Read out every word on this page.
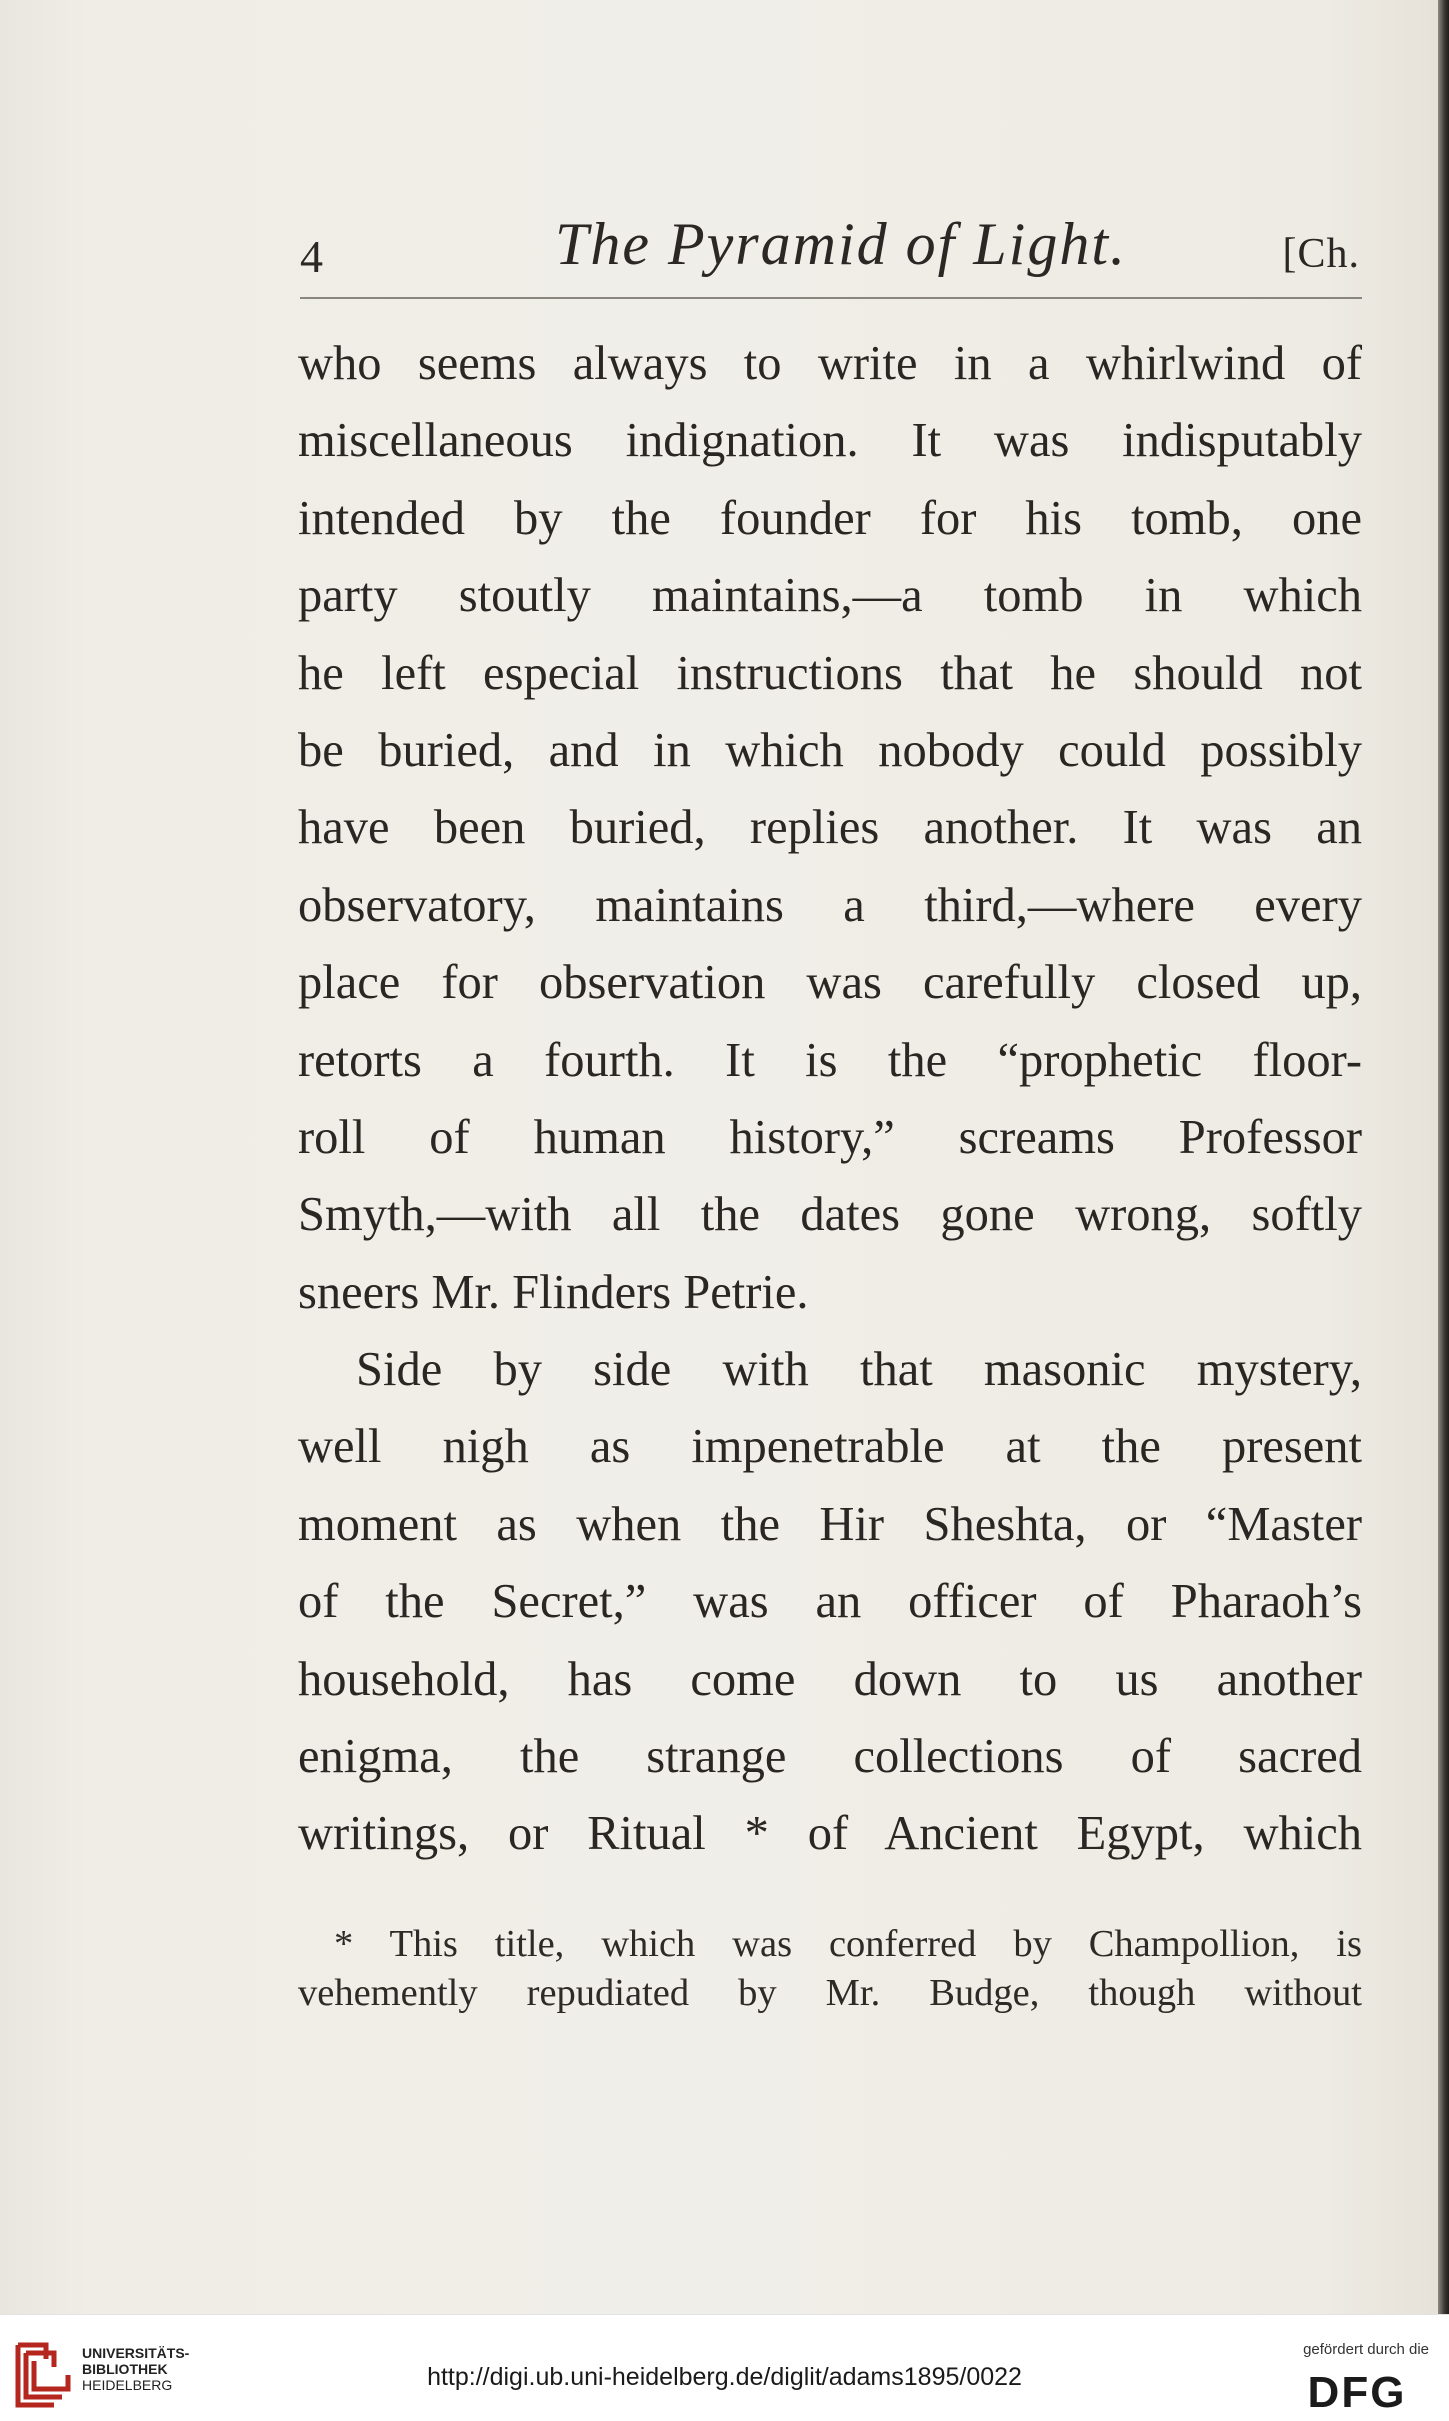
4	The Pyramid of Light.	[Ch.
who seems always to write in a whirlwind of
miscellaneous indignation. It was indisputably
intended by the founder for his tomb, one
party stoutly maintains,—a tomb in which
he left especial instructions that he should not
be buried, and in which nobody could possibly
have been buried, replies another. It was an
observatory, maintains a third,—where every
place for observation was carefully closed up,
retorts a fourth. It is the “prophetic floor-
roll of human history,” screams Professor
Smyth,—with all the dates gone wrong, softly
sneers Mr. Flinders Petrie.
Side by side with that masonic mystery,
well nigh as impenetrable at the present
moment as when the Hir Sheshta, or “Master
of the Secret,” was an officer of Pharaoh’s
household, has come down to us another
enigma, the strange collections of sacred
writings, or Ritual * of Ancient Egypt, which
* This title, which was conferred by Champollion, is
vehemently repudiated by Mr. Budge, though without
UNIVERSITÄTS-
BIBLIOTHEK
HEIDELBERG	http://digi.ub.uni-heidelberg.de/diglit/adams1895/0022
gefördert durch die
DFG
